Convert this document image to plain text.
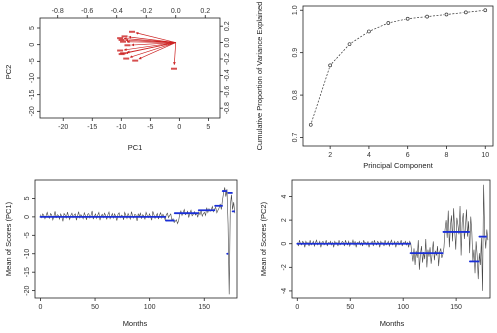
-20	-15	-10	-5	0	5
5
0
-5
-10
-15
-20
-0.8 -0.6 -0.4 -0.2	0.0	0.2
0.2
0.0
-0.2
-0.4
-0.6
-0.8
PC1
PC2
2	4	6	8	10
0.7
0.8
0.9
1.0
Principal Component
Cumulative Proportion of Variance Explained
0	50	100	150
5
0
-5
-10
-15
-20
Months
Mean of Scores (PC1)
0	50	100	150
4
2
0
-2
-4
Months
Mean of Scores (PC2)
